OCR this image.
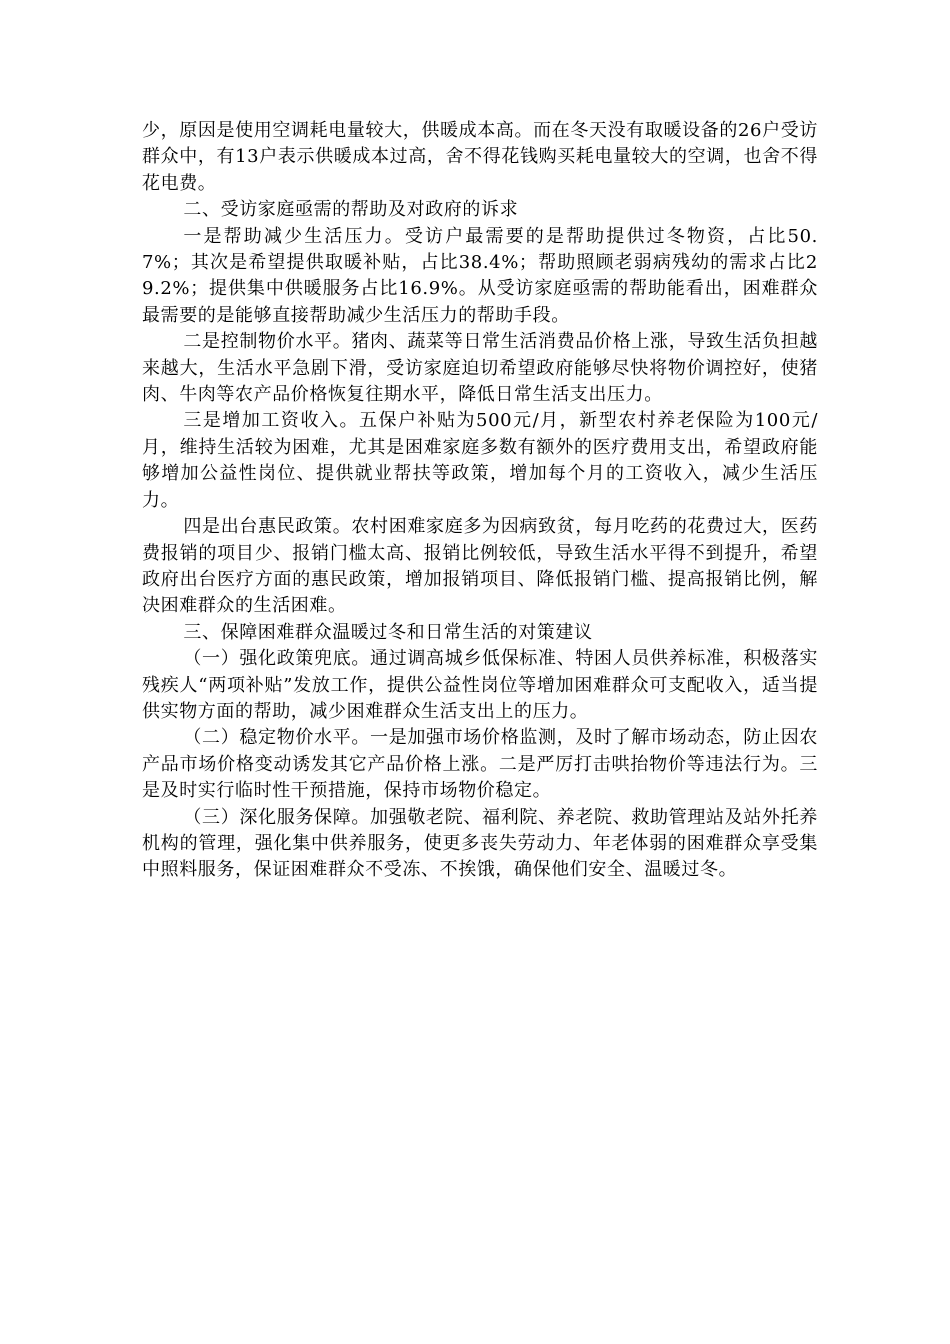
少，原因是使用空调耗电量较大，供暖成本高。而在冬天没有取暖设备的26户受访群众中，有13户表示供暖成本过高，舍不得花钱购买耗电量较大的空调，也舍不得花电费。

二、受访家庭亟需的帮助及对政府的诉求

一是帮助减少生活压力。受访户最需要的是帮助提供过冬物资，占比50.7%；其次是希望提供取暖补贴，占比38.4%；帮助照顾老弱病残幼的需求占比29.2%；提供集中供暖服务占比16.9%。从受访家庭亟需的帮助能看出，困难群众最需要的是能够直接帮助减少生活压力的帮助手段。

二是控制物价水平。猪肉、蔬菜等日常生活消费品价格上涨，导致生活负担越来越大，生活水平急剧下滑，受访家庭迫切希望政府能够尽快将物价调控好，使猪肉、牛肉等农产品价格恢复往期水平，降低日常生活支出压力。

三是增加工资收入。五保户补贴为500元/月，新型农村养老保险为100元/月，维持生活较为困难，尤其是困难家庭多数有额外的医疗费用支出，希望政府能够增加公益性岗位、提供就业帮扶等政策，增加每个月的工资收入，减少生活压力。

四是出台惠民政策。农村困难家庭多为因病致贫，每月吃药的花费过大，医药费报销的项目少、报销门槛太高、报销比例较低，导致生活水平得不到提升，希望政府出台医疗方面的惠民政策，增加报销项目、降低报销门槛、提高报销比例，解决困难群众的生活困难。

三、保障困难群众温暖过冬和日常生活的对策建议

（一）强化政策兜底。通过调高城乡低保标准、特困人员供养标准，积极落实残疾人“两项补贴”发放工作，提供公益性岗位等增加困难群众可支配收入，适当提供实物方面的帮助，减少困难群众生活支出上的压力。

（二）稳定物价水平。一是加强市场价格监测，及时了解市场动态，防止因农产品市场价格变动诱发其它产品价格上涨。二是严厉打击哄抬物价等违法行为。三是及时实行临时性干预措施，保持市场物价稳定。

（三）深化服务保障。加强敬老院、福利院、养老院、救助管理站及站外托养机构的管理，强化集中供养服务，使更多丧失劳动力、年老体弱的困难群众享受集中照料服务，保证困难群众不受冻、不挨饿，确保他们安全、温暖过冬。
